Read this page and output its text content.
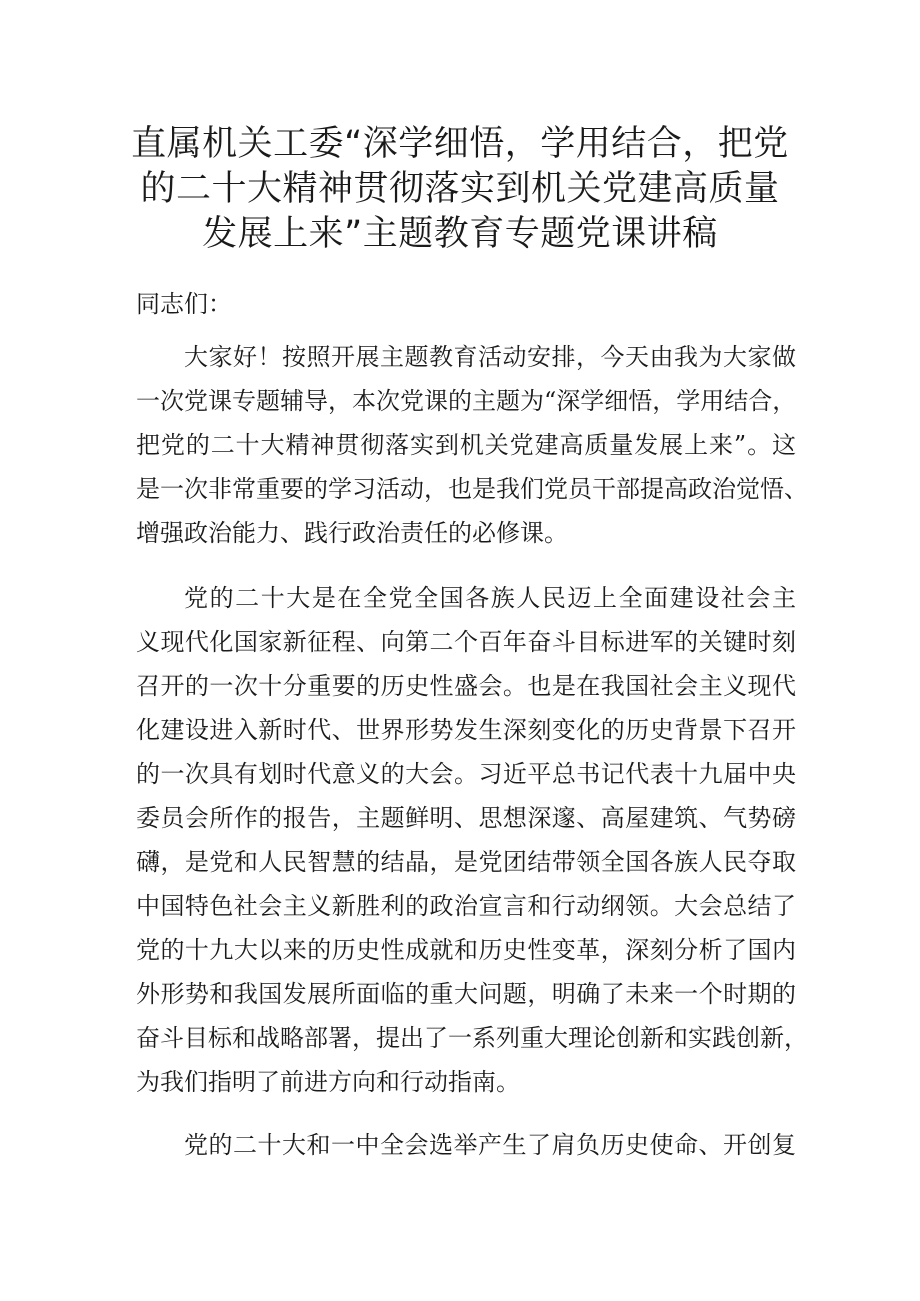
直属机关工委“深学细悟，学用结合，把党
的二十大精神贯彻落实到机关党建高质量
发展上来”主题教育专题党课讲稿

同志们：

大家好！按照开展主题教育活动安排，今天由我为大家做
一次党课专题辅导，本次党课的主题为“深学细悟，学用结合，
把党的二十大精神贯彻落实到机关党建高质量发展上来”。这
是一次非常重要的学习活动，也是我们党员干部提高政治觉悟、
增强政治能力、践行政治责任的必修课。

党的二十大是在全党全国各族人民迈上全面建设社会主
义现代化国家新征程、向第二个百年奋斗目标进军的关键时刻
召开的一次十分重要的历史性盛会。也是在我国社会主义现代
化建设进入新时代、世界形势发生深刻变化的历史背景下召开
的一次具有划时代意义的大会。习近平总书记代表十九届中央
委员会所作的报告，主题鲜明、思想深邃、高屋建筑、气势磅
礴，是党和人民智慧的结晶，是党团结带领全国各族人民夺取
中国特色社会主义新胜利的政治宣言和行动纲领。大会总结了
党的十九大以来的历史性成就和历史性变革，深刻分析了国内
外形势和我国发展所面临的重大问题，明确了未来一个时期的
奋斗目标和战略部署，提出了一系列重大理论创新和实践创新，
为我们指明了前进方向和行动指南。

党的二十大和一中全会选举产生了肩负历史使命、开创复
